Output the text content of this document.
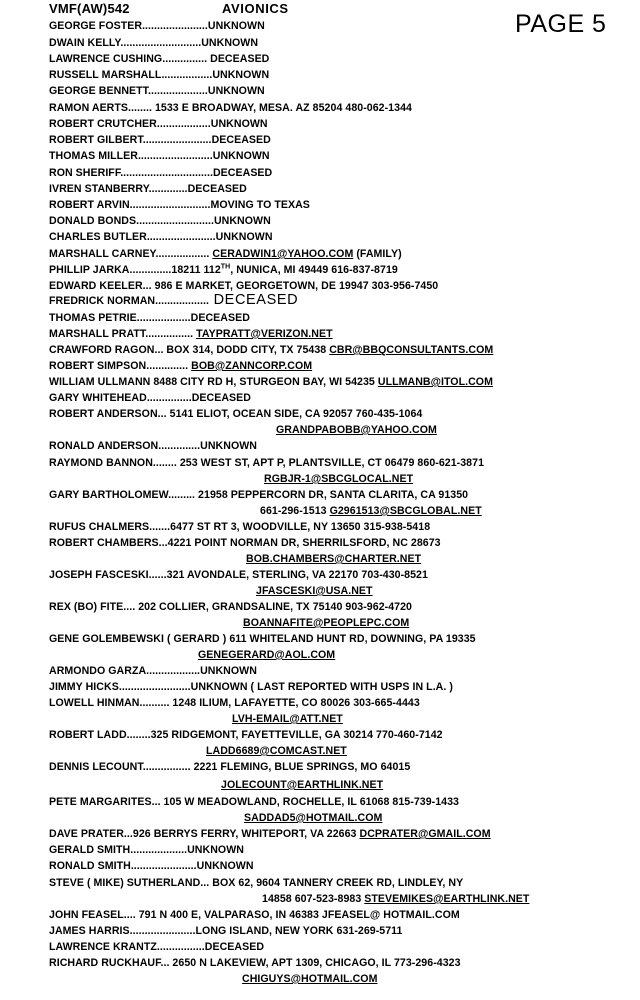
VMF(AW)542	AVIONICS
PAGE 5
GEORGE FOSTER......................UNKNOWN
DWAIN KELLY...........................UNKNOWN
LAWRENCE CUSHING............... DECEASED
RUSSELL MARSHALL.................UNKNOWN
GEORGE BENNETT....................UNKNOWN
RAMON AERTS........ 1533 E BROADWAY, MESA. AZ 85204 480-062-1344
ROBERT CRUTCHER..................UNKNOWN
ROBERT GILBERT.......................DECEASED
THOMAS MILLER.........................UNKNOWN
RON SHERIFF...............................DECEASED
IVREN STANBERRY.............DECEASED
ROBERT ARVIN...........................MOVING TO TEXAS
DONALD BONDS..........................UNKNOWN
CHARLES BUTLER.......................UNKNOWN
MARSHALL CARNEY.................. CERADWIN1@YAHOO.COM (FAMILY)
PHILLIP JARKA..............18211 112TH, NUNICA, MI 49449 616-837-8719
EDWARD KEELER... 986 E MARKET, GEORGETOWN, DE 19947 303-956-7450
FREDRICK NORMAN.................. DECEASED
THOMAS PETRIE..................DECEASED
MARSHALL PRATT................ TAYPRATT@VERIZON.NET
CRAWFORD RAGON... BOX 314, DODD CITY, TX 75438 CBR@BBQCONSULTANTS.COM
ROBERT SIMPSON.............. BOB@ZANNCORP.COM
WILLIAM ULLMANN 8488 CITY RD H, STURGEON BAY, WI 54235 ULLMANB@ITOL.COM
GARY WHITEHEAD...............DECEASED
ROBERT ANDERSON... 5141 ELIOT, OCEAN SIDE, CA 92057 760-435-1064
GRANDPABOBB@YAHOO.COM
RONALD ANDERSON..............UNKNOWN
RAYMOND BANNON........ 253 WEST ST, APT P, PLANTSVILLE, CT 06479 860-621-3871
RGBJR-1@SBCGLOCAL.NET
GARY BARTHOLOMEW......... 21958 PEPPERCORN DR, SANTA CLARITA, CA 91350
661-296-1513 G2961513@SBCGLOBAL.NET
RUFUS CHALMERS.......6477 ST RT 3, WOODVILLE, NY 13650 315-938-5418
ROBERT CHAMBERS...4221 POINT NORMAN DR, SHERRILSFORD, NC 28673
BOB.CHAMBERS@CHARTER.NET
JOSEPH FASCESKI......321 AVONDALE, STERLING, VA 22170 703-430-8521
JFASCESKI@USA.NET
REX (BO) FITE.... 202 COLLIER, GRANDSALINE, TX 75140 903-962-4720
BOANNAFITE@PEOPLEPC.COM
GENE GOLEMBEWSKI ( GERARD ) 611 WHITELAND HUNT RD, DOWNING, PA 19335
GENEGERARD@AOL.COM
ARMONDO GARZA..................UNKNOWN
JIMMY HICKS........................UNKNOWN ( LAST REPORTED WITH USPS IN L.A. )
LOWELL HINMAN.......... 1248 ILIUM, LAFAYETTE, CO 80026 303-665-4443
LVH-EMAIL@ATT.NET
ROBERT LADD........325 RIDGEMONT, FAYETTEVILLE, GA 30214 770-460-7142
LADD6689@COMCAST.NET
DENNIS LECOUNT................ 2221 FLEMING, BLUE SPRINGS, MO 64015
JOLECOUNT@EARTHLINK.NET
PETE MARGARITES... 105 W MEADOWLAND, ROCHELLE, IL 61068 815-739-1433
SADDAD5@HOTMAIL.COM
DAVE PRATER...926 BERRYS FERRY, WHITEPORT, VA 22663 DCPRATER@GMAIL.COM
GERALD SMITH...................UNKNOWN
RONALD SMITH......................UNKNOWN
STEVE ( MIKE) SUTHERLAND... BOX 62, 9604 TANNERY CREEK RD, LINDLEY, NY
14858 607-523-8983 STEVEMIKES@EARTHLINK.NET
JOHN FEASEL.... 791 N 400 E, VALPARASO, IN 46383 JFEASEL@ HOTMAIL.COM
JAMES HARRIS......................LONG ISLAND, NEW YORK 631-269-5711
LAWRENCE KRANTZ................DECEASED
RICHARD RUCKHAUF... 2650 N LAKEVIEW, APT 1309, CHICAGO, IL 773-296-4323
CHIGUYS@HOTMAIL.COM
